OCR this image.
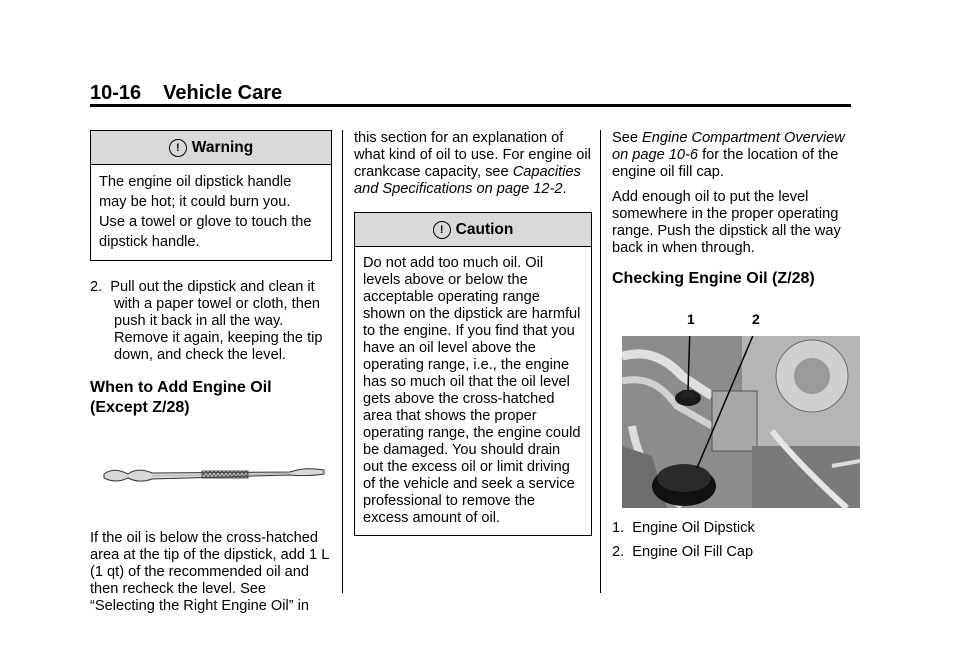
10-16 Vehicle Care
! Warning

The engine oil dipstick handle

may be hot; it could burn you.

Use a towel or glove to touch the

dipstick handle.

2.  Pull out the dipstick and clean it with a paper towel or cloth, then push it back in all the way. Remove it again, keeping the tip down, and check the level.

When to Add Engine Oil
(Except Z/28)

If the oil is below the cross-hatched area at the tip of the dipstick, add 1 L (1 qt) of the recommended oil and then recheck the level. See “Selecting the Right Engine Oil” in

this section for an explanation of what kind of oil to use. For engine oil crankcase capacity, see Capacities and Specifications on page 12-2.

! Caution

Do not add too much oil. Oil levels above or below the acceptable operating range shown on the dipstick are harmful to the engine. If you find that you have an oil level above the operating range, i.e., the engine has so much oil that the oil level gets above the cross-hatched area that shows the proper operating range, the engine could be damaged. You should drain out the excess oil or limit driving of the vehicle and seek a service professional to remove the excess amount of oil.

See Engine Compartment Overview on page 10-6 for the location of the engine oil fill cap.

Add enough oil to put the level somewhere in the proper operating range. Push the dipstick all the way back in when through.

Checking Engine Oil (Z/28)
1	2

1.  Engine Oil Dipstick

2.  Engine Oil Fill Cap
